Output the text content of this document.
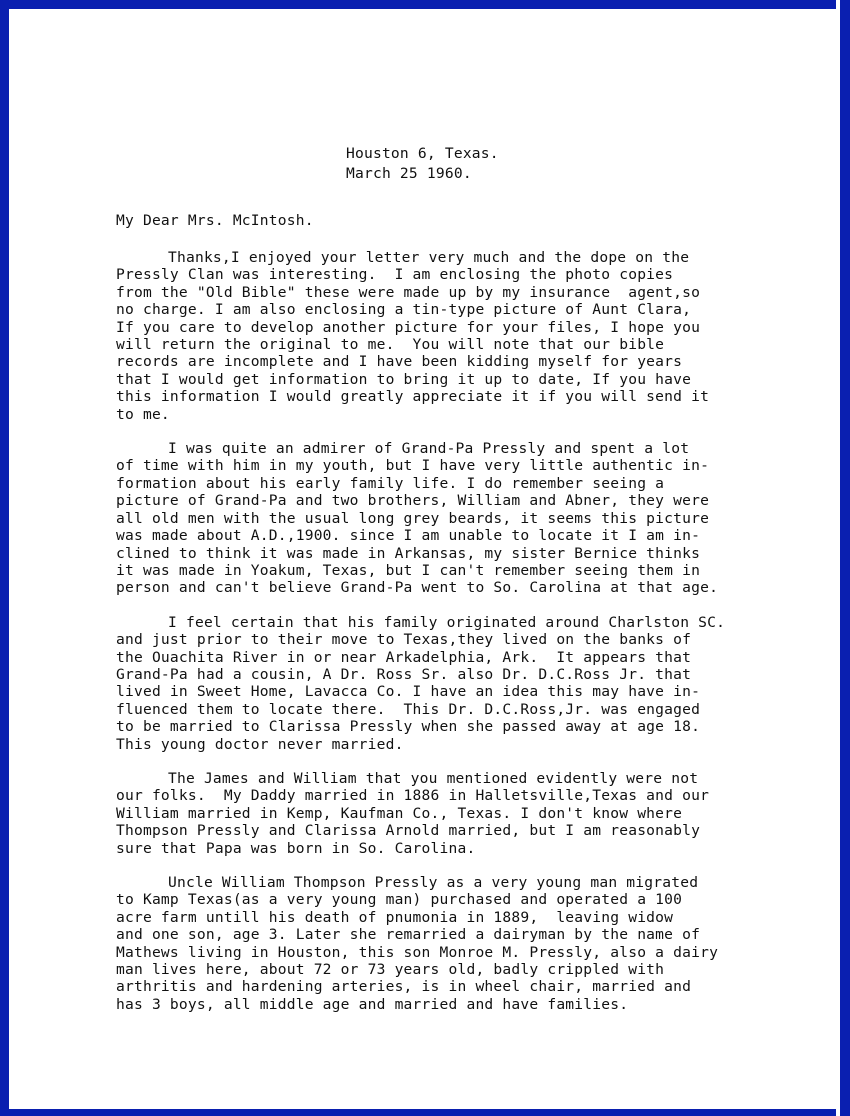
Houston 6, Texas.
March 25 1960.
My Dear Mrs. McIntosh.
Thanks,I enjoyed your letter very much and the dope on the
Pressly Clan was interesting.  I am enclosing the photo copies
from the "Old Bible" these were made up by my insurance  agent,so
no charge. I am also enclosing a tin-type picture of Aunt Clara,
If you care to develop another picture for your files, I hope you
will return the original to me.  You will note that our bible
records are incomplete and I have been kidding myself for years
that I would get information to bring it up to date, If you have
this information I would greatly appreciate it if you will send it
to me.
I was quite an admirer of Grand-Pa Pressly and spent a lot
of time with him in my youth, but I have very little authentic in-
formation about his early family life. I do remember seeing a
picture of Grand-Pa and two brothers, William and Abner, they were
all old men with the usual long grey beards, it seems this picture
was made about A.D.,1900. since I am unable to locate it I am in-
clined to think it was made in Arkansas, my sister Bernice thinks
it was made in Yoakum, Texas, but I can't remember seeing them in
person and can't believe Grand-Pa went to So. Carolina at that age.
I feel certain that his family originated around Charlston SC.
and just prior to their move to Texas,they lived on the banks of
the Ouachita River in or near Arkadelphia, Ark.  It appears that
Grand-Pa had a cousin, A Dr. Ross Sr. also Dr. D.C.Ross Jr. that
lived in Sweet Home, Lavacca Co. I have an idea this may have in-
fluenced them to locate there.  This Dr. D.C.Ross,Jr. was engaged
to be married to Clarissa Pressly when she passed away at age 18.
This young doctor never married.
The James and William that you mentioned evidently were not
our folks.  My Daddy married in 1886 in Halletsville,Texas and our
William married in Kemp, Kaufman Co., Texas. I don't know where
Thompson Pressly and Clarissa Arnold married, but I am reasonably
sure that Papa was born in So. Carolina.
Uncle William Thompson Pressly as a very young man migrated
to Kamp Texas(as a very young man) purchased and operated a 100
acre farm untill his death of pnumonia in 1889,  leaving widow
and one son, age 3. Later she remarried a dairyman by the name of
Mathews living in Houston, this son Monroe M. Pressly, also a dairy
man lives here, about 72 or 73 years old, badly crippled with
arthritis and hardening arteries, is in wheel chair, married and
has 3 boys, all middle age and married and have families.
